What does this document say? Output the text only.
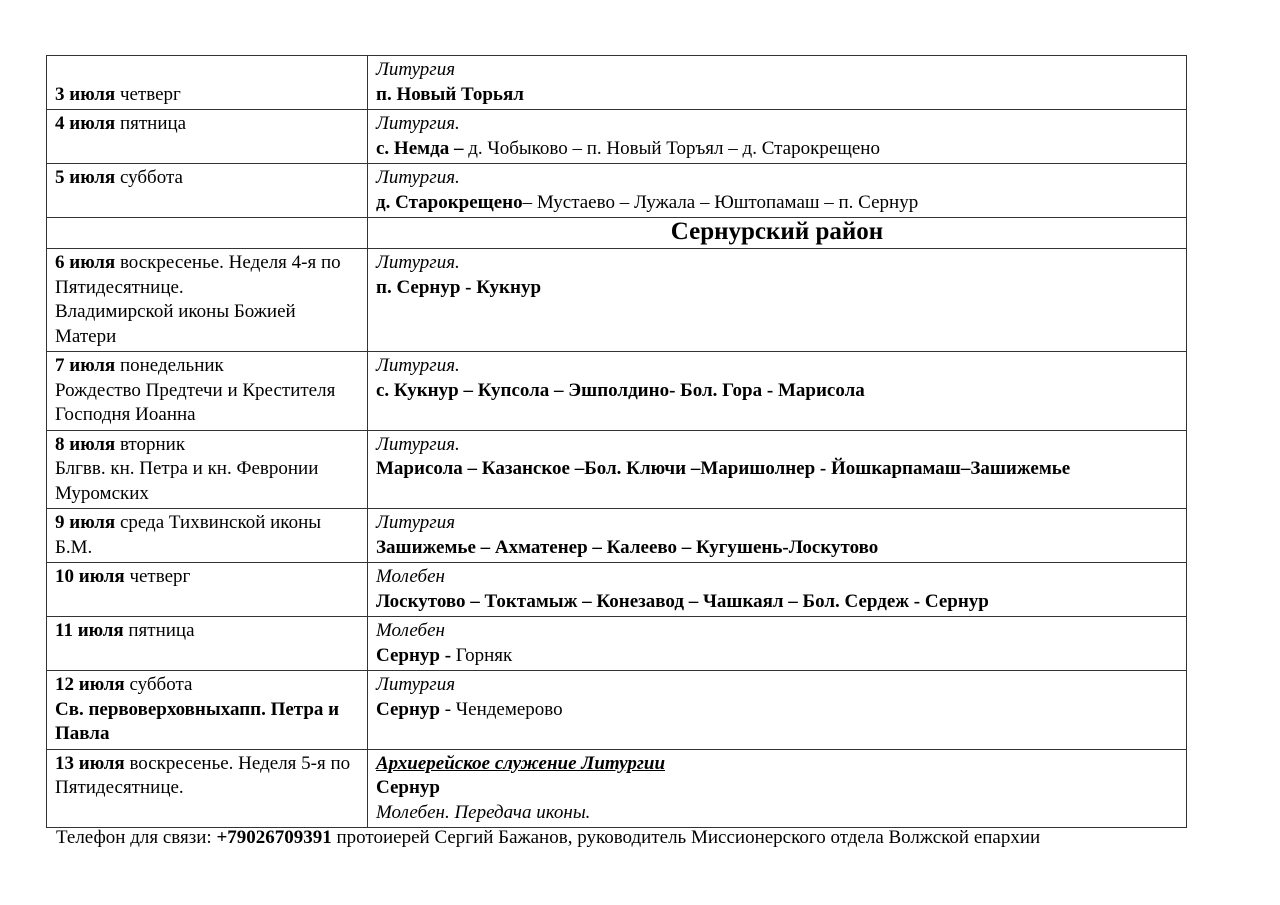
3 июля четверг	Литургия
п. Новый Торьял
4 июля пятница	Литургия.
с. Немда – д. Чобыково – п. Новый Торъял – д. Старокрещено
5 июля суббота	Литургия.
д. Старокрещено– Мустаево – Лужала – Юштопамаш – п. Сернур
	Сернурский район
6 июля воскресенье. Неделя 4-я по Пятидесятнице.
Владимирской иконы Божией Матери	Литургия.
п. Сернур - Кукнур
7 июля понедельник
Рождество Предтечи и Крестителя Господня Иоанна	Литургия.
с. Кукнур – Купсола – Эшполдино- Бол. Гора - Марисола
8 июля вторник
Блгвв. кн. Петра и кн. Февронии Муромских	Литургия.
Марисола – Казанское –Бол. Ключи –Маришолнер - Йошкарпамаш–Зашижемье
9 июля среда Тихвинской иконы Б.М.	Литургия
Зашижемье – Ахматенер – Калеево – Кугушень-Лоскутово
10 июля четверг	Молебен
Лоскутово – Токтамыж – Конезавод – Чашкаял – Бол. Сердеж - Сернур
11 июля пятница	Молебен
Сернур - Горняк
12 июля суббота
Св. первоверховныхапп. Петра и Павла	Литургия
Сернур - Чендемерово
13 июля воскресенье. Неделя 5-я по Пятидесятнице.	Архиерейское служение Литургии
Сернур
Молебен. Передача иконы.
Телефон для связи: +79026709391 протоиерей Сергий Бажанов, руководитель Миссионерского отдела Волжской епархии
